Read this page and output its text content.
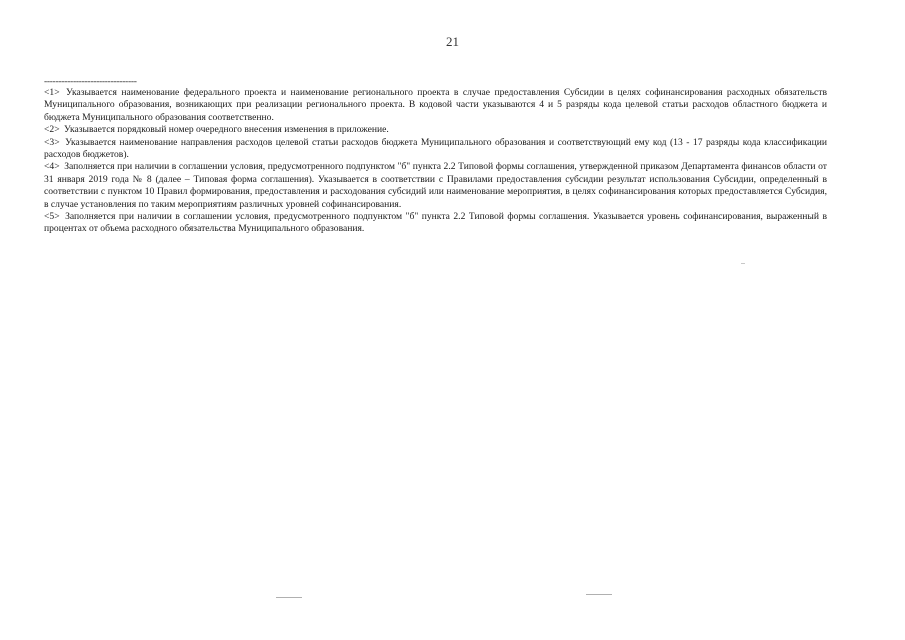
21
--------------------------------

<1> Указывается наименование федерального проекта и наименование регионального проекта в случае предоставления Субсидии в целях софинансирования расходных обязательств Муниципального образования, возникающих при реализации регионального проекта. В кодовой части указываются 4 и 5 разряды кода целевой статьи расходов областного бюджета и бюджета Муниципального образования соответственно.

<2> Указывается порядковый номер очередного внесения изменения в приложение.

<3> Указывается наименование направления расходов целевой статьи расходов бюджета Муниципального образования и соответствующий ему код (13 - 17 разряды кода классификации расходов бюджетов).

<4> Заполняется при наличии в соглашении условия, предусмотренного подпунктом "б" пункта 2.2 Типовой формы соглашения, утвержденной приказом Департамента финансов области от 31 января 2019 года № 8 (далее – Типовая форма соглашения). Указывается в соответствии с Правилами предоставления субсидии результат использования Субсидии, определенный в соответствии с пунктом 10 Правил формирования, предоставления и расходования субсидий или наименование мероприятия, в целях софинансирования которых предоставляется Субсидия, в случае установления по таким мероприятиям различных уровней софинансирования.

<5> Заполняется при наличии в соглашении условия, предусмотренного подпунктом "б" пункта 2.2 Типовой формы соглашения. Указывается уровень софинансирования, выраженный в процентах от объема расходного обязательства Муниципального образования.
